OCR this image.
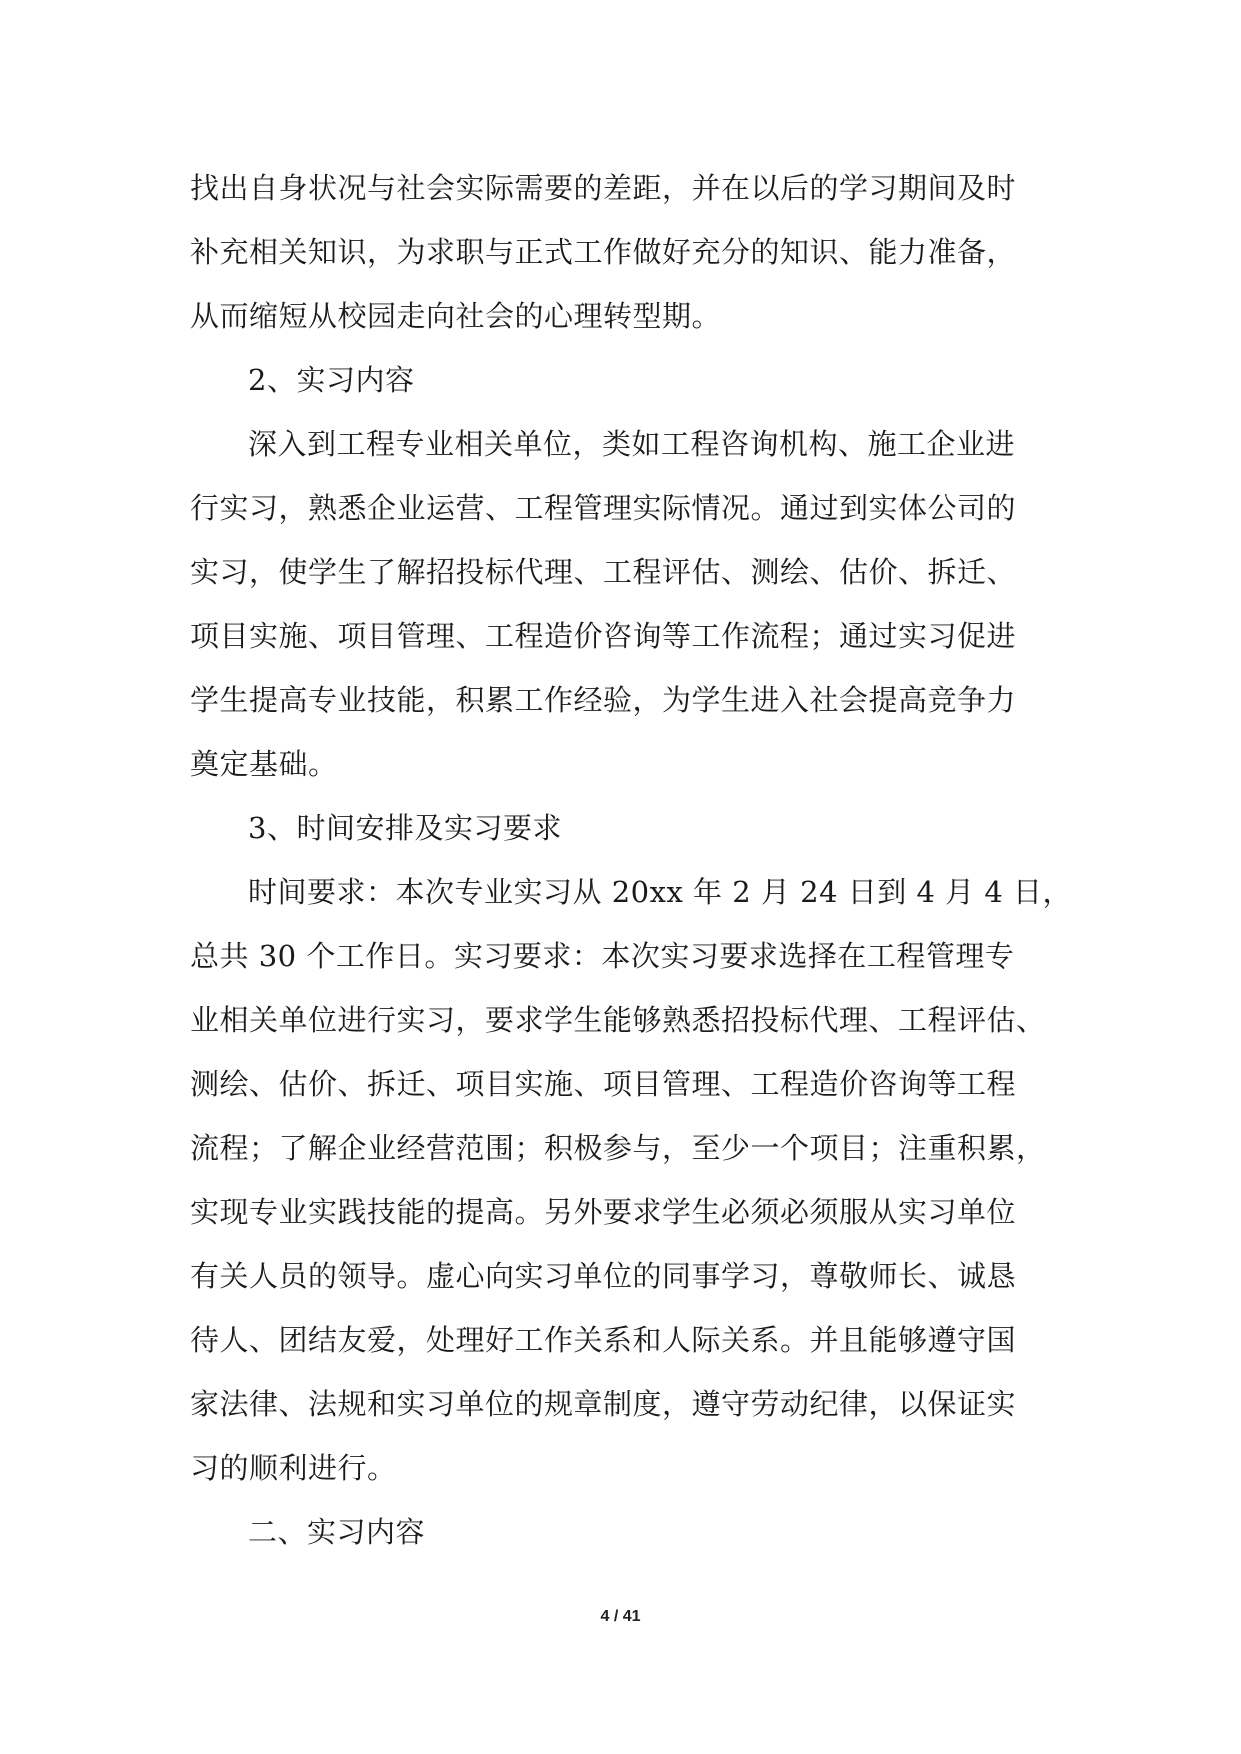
找出自身状况与社会实际需要的差距，并在以后的学习期间及时
补充相关知识，为求职与正式工作做好充分的知识、能力准备，
从而缩短从校园走向社会的心理转型期。
2、实习内容
深入到工程专业相关单位，类如工程咨询机构、施工企业进
行实习，熟悉企业运营、工程管理实际情况。通过到实体公司的
实习，使学生了解招投标代理、工程评估、测绘、估价、拆迁、
项目实施、项目管理、工程造价咨询等工作流程；通过实习促进
学生提高专业技能，积累工作经验，为学生进入社会提高竞争力
奠定基础。
3、时间安排及实习要求
时间要求：本次专业实习从 20xx 年 2 月 24 日到 4 月 4 日，
总共 30 个工作日。实习要求：本次实习要求选择在工程管理专
业相关单位进行实习，要求学生能够熟悉招投标代理、工程评估、
测绘、估价、拆迁、项目实施、项目管理、工程造价咨询等工程
流程；了解企业经营范围；积极参与，至少一个项目；注重积累，
实现专业实践技能的提高。另外要求学生必须必须服从实习单位
有关人员的领导。虚心向实习单位的同事学习，尊敬师长、诚恳
待人、团结友爱，处理好工作关系和人际关系。并且能够遵守国
家法律、法规和实习单位的规章制度，遵守劳动纪律，以保证实
习的顺利进行。
二、实习内容
4 / 41
